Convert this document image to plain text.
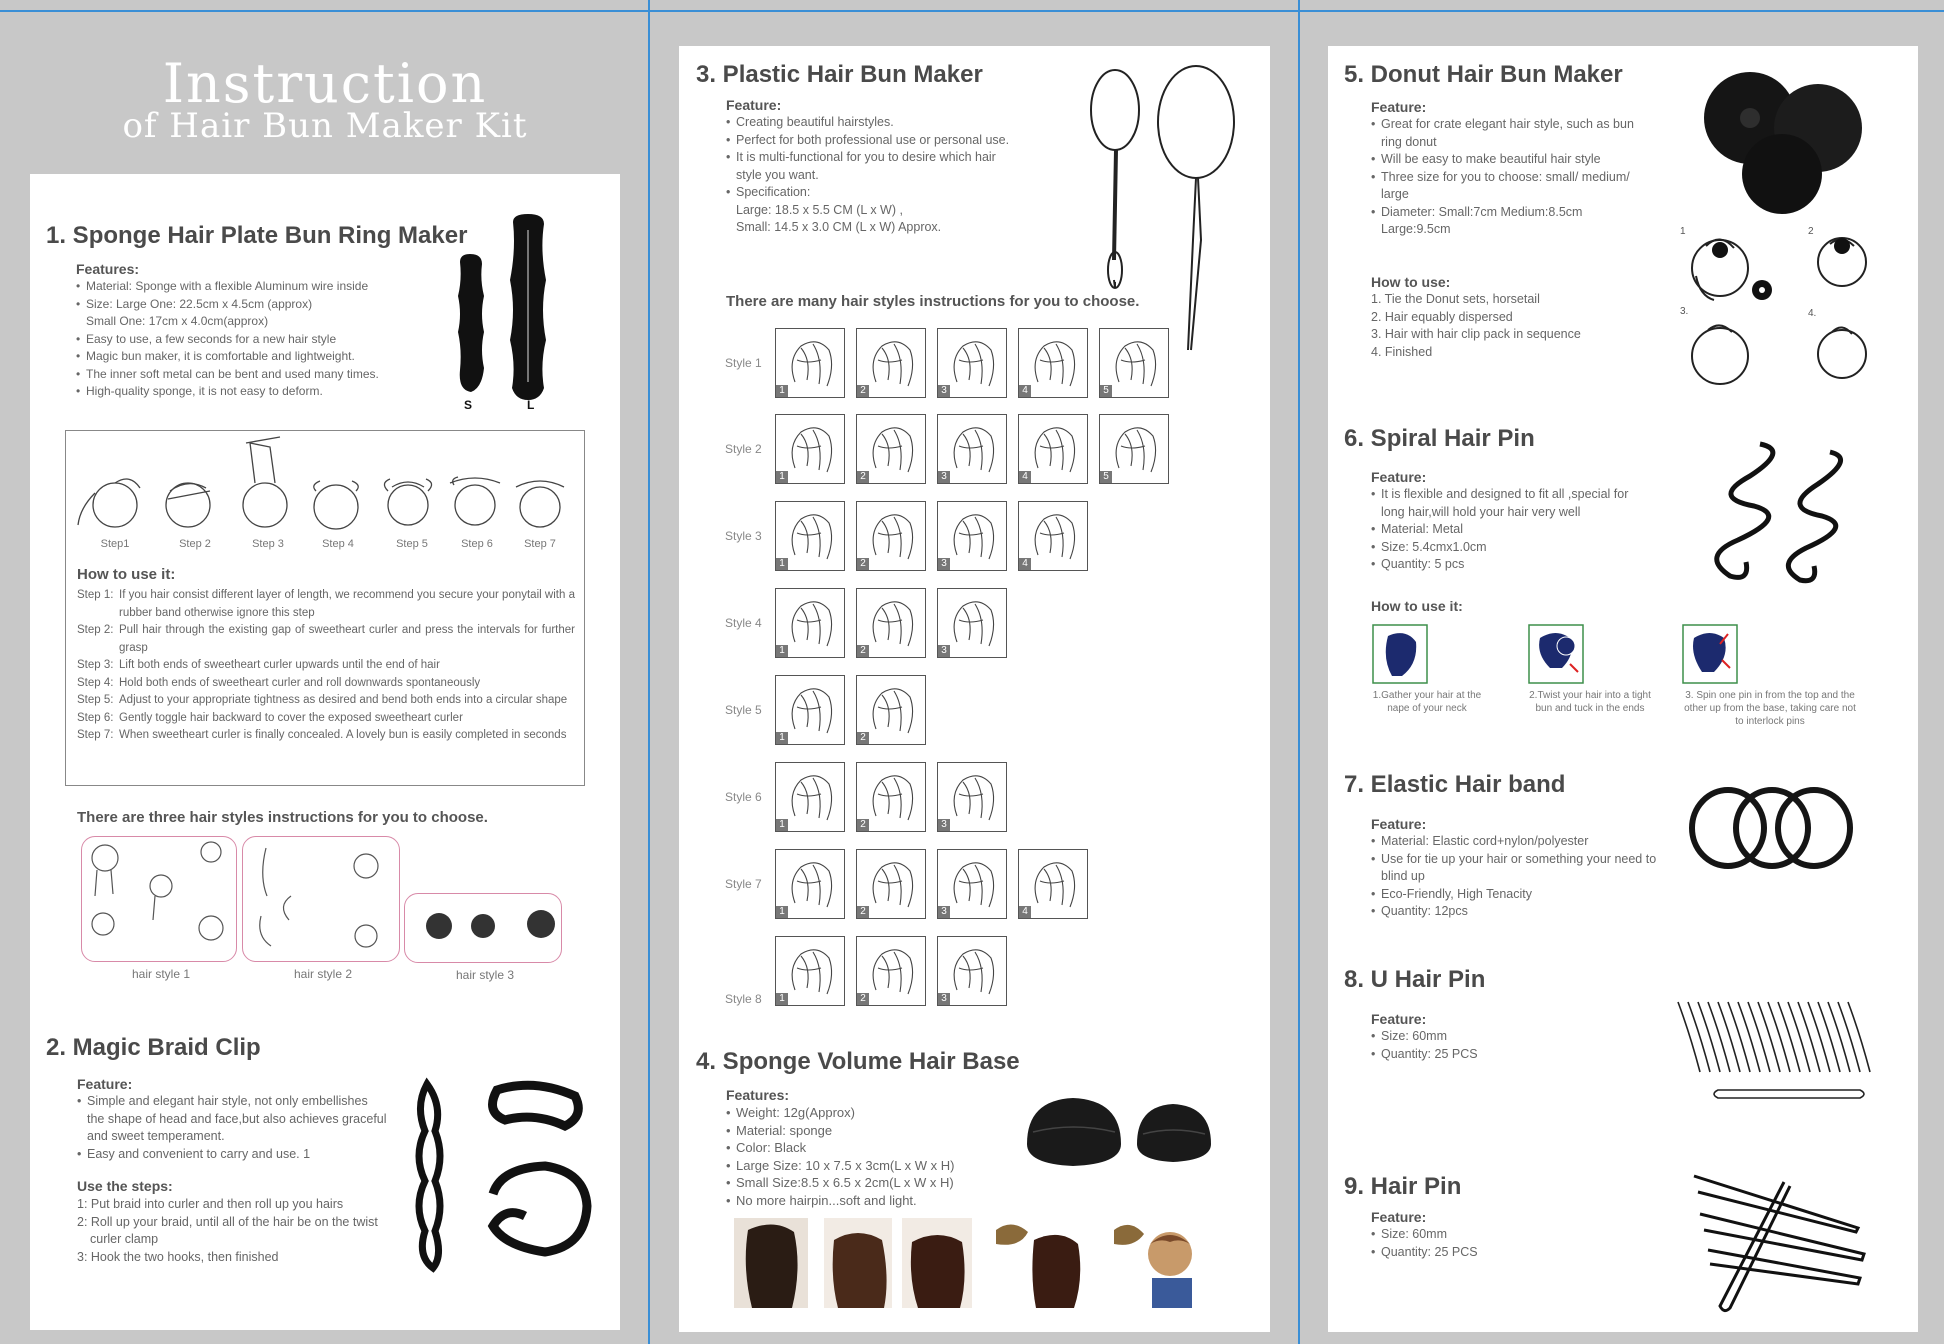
Instruction
of Hair Bun Maker Kit
1. Sponge Hair Plate Bun Ring Maker
Features:
• Material: Sponge with a flexible Aluminum wire inside
• Size: Large One: 22.5cm x 4.5cm (approx)
Small One: 17cm x 4.0cm(approx)
• Easy to use, a few seconds for a new hair style
• Magic bun maker, it is comfortable and lightweight.
• The inner soft metal can be bent and used many times.
• High-quality sponge, it is not easy to deform.
S	L
Step1	Step 2	Step 3	Step 4	Step 5	Step 6	Step 7
How to use it:
Step 1: If you hair consist different layer of length, we recommend you secure your ponytail with a rubber band otherwise ignore this step
Step 2: Pull hair through the existing gap of sweetheart curler and press the intervals for further grasp
Step 3: Lift both ends of sweetheart curler upwards until the end of hair
Step 4: Hold both ends of sweetheart curler and roll downwards spontaneously
Step 5: Adjust to your appropriate tightness as desired and bend both ends into a circular shape
Step 6: Gently toggle hair backward to cover the exposed sweetheart curler
Step 7: When sweetheart curler is finally concealed. A lovely bun is easily completed in seconds
There are three hair styles instructions for you to choose.
hair style 1	hair style 2	hair style 3
2. Magic Braid Clip
Feature:
• Simple and elegant hair style, not only embellishes the shape of head and face,but also achieves graceful and sweet temperament.
• Easy and convenient to carry and use. 1
Use the steps:
1: Put braid into curler and then roll up you hairs
2: Roll up your braid, until all of the hair be on the twist curler clamp
3: Hook the two hooks, then finished
3. Plastic Hair Bun Maker
Feature:
• Creating beautiful hairstyles.
• Perfect for both professional use or personal use.
• It is multi-functional for you to desire which hair style you want.
• Specification:
Large: 18.5 x 5.5 CM (L x W) ,
Small: 14.5 x 3.0 CM (L x W) Approx.
There are many hair styles instructions for you to choose.
Style 1
1	2	3	4	5
Style 2
1	2	3	4	5
Style 3
1	2	3	4
Style 4
1	2	3
Style 5
1	2
Style 6
1	2	3
Style 7
1	2	3	4
Style 8	1	2	3
4. Sponge Volume Hair Base
Features:
• Weight: 12g(Approx)
• Material: sponge
• Color: Black
• Large Size: 10 x 7.5 x 3cm(L x W x H)
• Small Size:8.5 x 6.5 x 2cm(L x W x H)
• No more hairpin...soft and light.
5. Donut Hair Bun Maker
Feature:
• Great for crate elegant hair style, such as bun ring donut
• Will be easy to make beautiful hair style
• Three size for you to choose: small/ medium/ large
• Diameter: Small:7cm Medium:8.5cm Large:9.5cm
How to use:
1. Tie the Donut sets, horsetail
2. Hair equably dispersed
3. Hair with hair clip pack in sequence
4. Finished
1	2
3.	4.
6. Spiral Hair Pin
Feature:
• It is flexible and designed to fit all ,special for long hair,will hold your hair very well
• Material: Metal
• Size: 5.4cmx1.0cm
• Quantity: 5 pcs
How to use it:
1.Gather your hair at the nape of your neck
2.Twist your hair into a tight bun and tuck in the ends
3. Spin one pin in from the top and the other up from the base, taking care not to interlock pins
7. Elastic Hair band
Feature:
• Material: Elastic cord+nylon/polyester
• Use for tie up your hair or something your need to blind up
• Eco-Friendly, High Tenacity
• Quantity: 12pcs
8. U Hair Pin
Feature:
• Size: 60mm
• Quantity: 25 PCS
9. Hair Pin
Feature:
• Size: 60mm
• Quantity: 25 PCS
